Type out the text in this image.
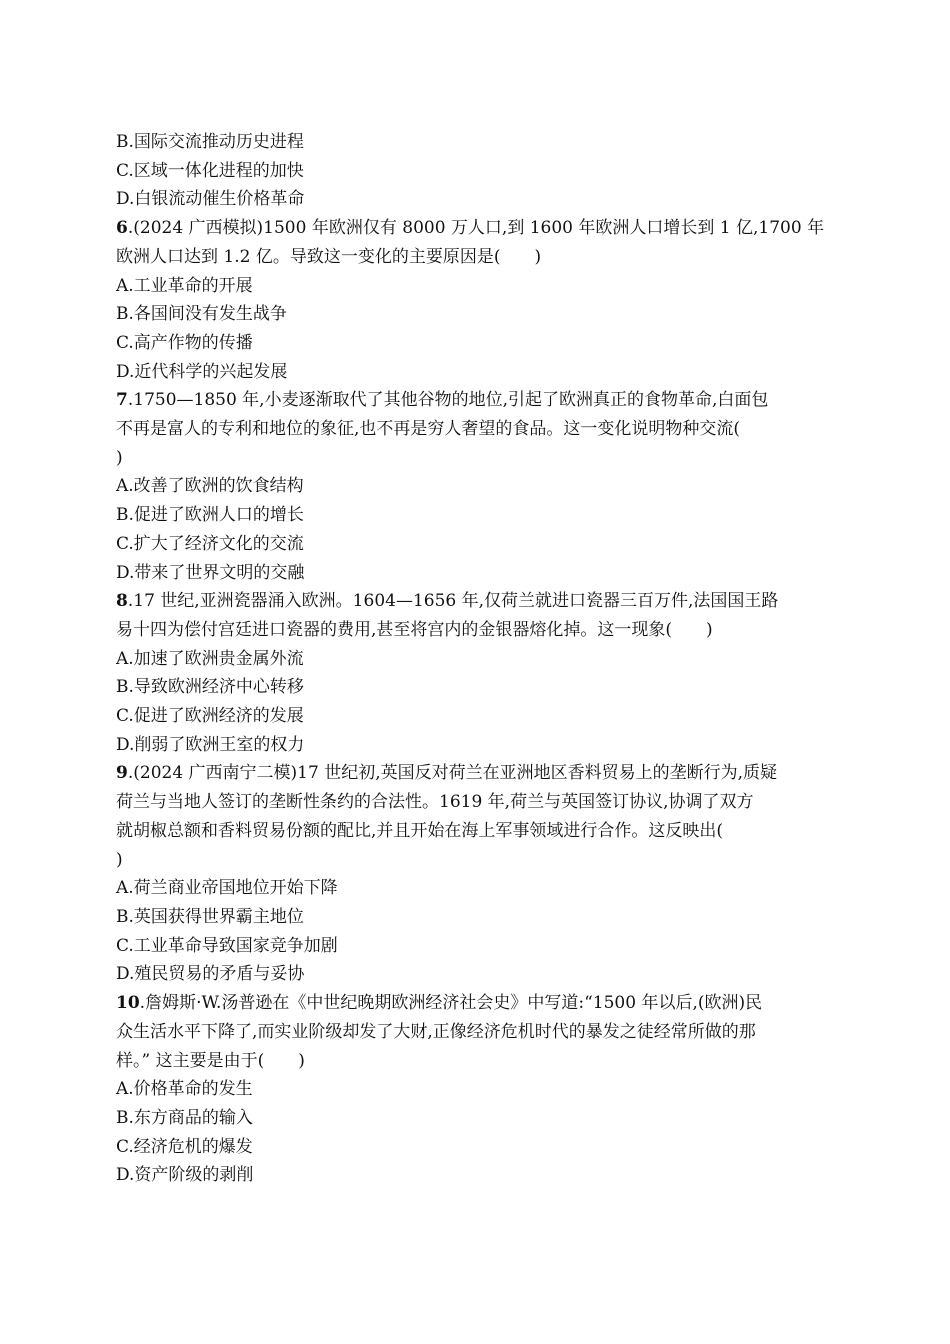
B.国际交流推动历史进程
C.区域一体化进程的加快
D.白银流动催生价格革命
6.(2024 广西模拟)1500 年欧洲仅有 8000 万人口,到 1600 年欧洲人口增长到 1 亿,1700 年
欧洲人口达到 1.2 亿。导致这一变化的主要原因是(　　)
A.工业革命的开展
B.各国间没有发生战争
C.高产作物的传播
D.近代科学的兴起发展
7.1750—1850 年,小麦逐渐取代了其他谷物的地位,引起了欧洲真正的食物革命,白面包
不再是富人的专利和地位的象征,也不再是穷人奢望的食品。这一变化说明物种交流(
)
A.改善了欧洲的饮食结构
B.促进了欧洲人口的增长
C.扩大了经济文化的交流
D.带来了世界文明的交融
8.17 世纪,亚洲瓷器涌入欧洲。1604—1656 年,仅荷兰就进口瓷器三百万件,法国国王路
易十四为偿付宫廷进口瓷器的费用,甚至将宫内的金银器熔化掉。这一现象(　　)
A.加速了欧洲贵金属外流
B.导致欧洲经济中心转移
C.促进了欧洲经济的发展
D.削弱了欧洲王室的权力
9.(2024 广西南宁二模)17 世纪初,英国反对荷兰在亚洲地区香料贸易上的垄断行为,质疑
荷兰与当地人签订的垄断性条约的合法性。1619 年,荷兰与英国签订协议,协调了双方
就胡椒总额和香料贸易份额的配比,并且开始在海上军事领域进行合作。这反映出(
)
A.荷兰商业帝国地位开始下降
B.英国获得世界霸主地位
C.工业革命导致国家竞争加剧
D.殖民贸易的矛盾与妥协
10.詹姆斯·W.汤普逊在《中世纪晚期欧洲经济社会史》中写道:“1500 年以后,(欧洲)民
众生活水平下降了,而实业阶级却发了大财,正像经济危机时代的暴发之徒经常所做的那
样。” 这主要是由于(　　)
A.价格革命的发生
B.东方商品的输入
C.经济危机的爆发
D.资产阶级的剥削
